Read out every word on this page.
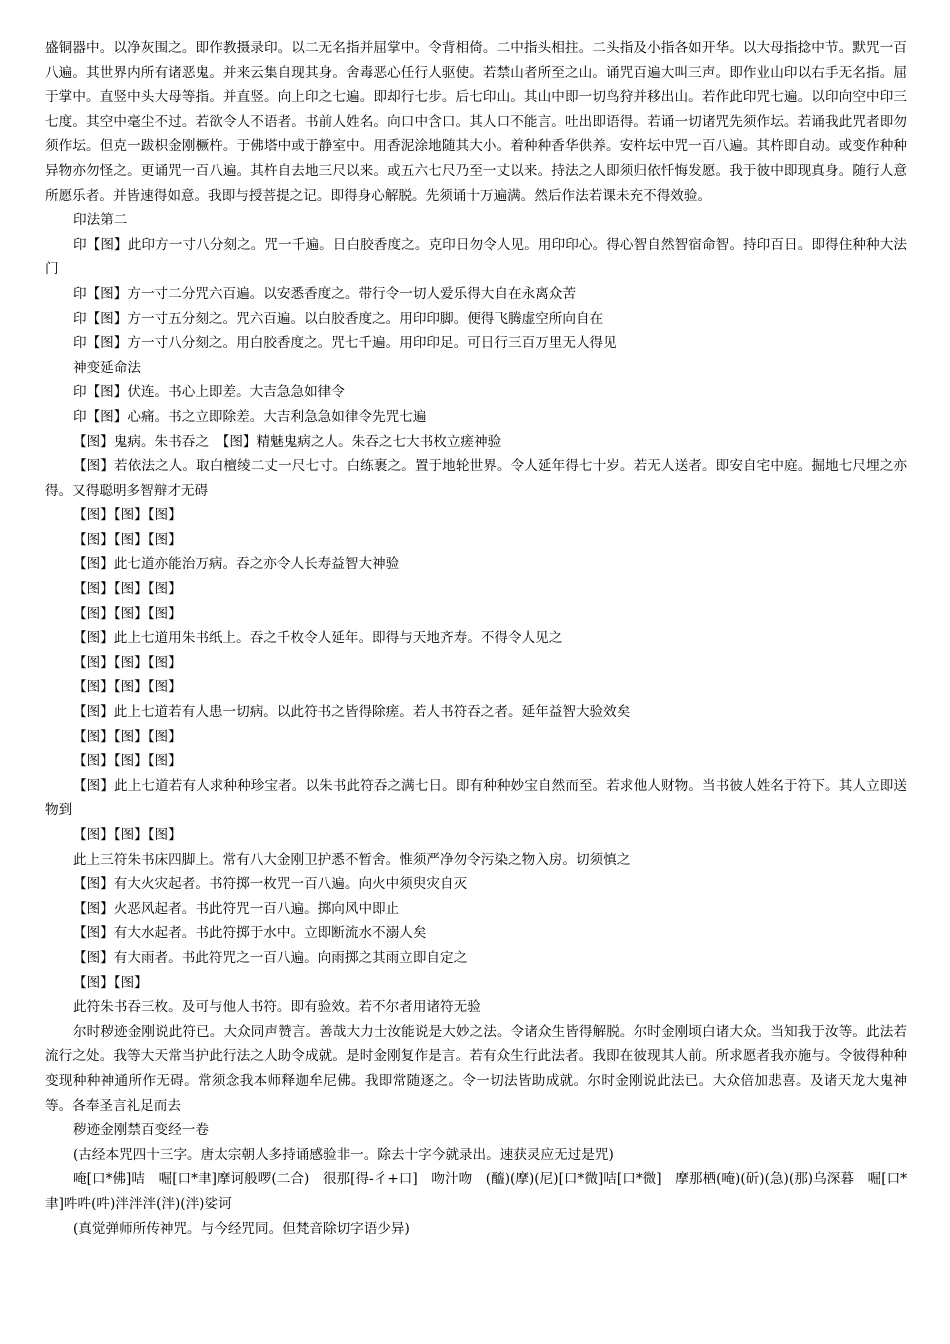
盛铜器中。以净灰围之。即作教摄录印。以二无名指并屈掌中。令背相倚。二中指头相拄。二头指及小指各如开华。以大母指捻中节。默咒一百八遍。其世界内所有诸恶鬼。并来云集自现其身。舍毒恶心任行人驱使。若禁山者所至之山。诵咒百遍大叫三声。即作业山印以右手无名指。屈于掌中。直竖中头大母等指。并直竖。向上印之七遍。即却行七步。后七印山。其山中即一切鸟狩并移出山。若作此印咒七遍。以印向空中印三七度。其空中毫尘不过。若欲令人不语者。书前人姓名。向口中含口。其人口不能言。吐出即语得。若诵一切诸咒先须作坛。若诵我此咒者即勿须作坛。但克一跋枳金刚橛杵。于佛塔中或于静室中。用香泥涂地随其大小。着种种香华供养。安杵坛中咒一百八遍。其杵即自动。或变作种种异物亦勿怪之。更诵咒一百八遍。其杵自去地三尺以来。或五六七尺乃至一丈以来。持法之人即须归依忏悔发愿。我于彼中即现真身。随行人意所愿乐者。并皆速得如意。我即与授菩提之记。即得身心解脱。先须诵十万遍满。然后作法若课未充不得效验。

印法第二

印【图】此印方一寸八分刻之。咒一千遍。日白胶香度之。克印日勿令人见。用印印心。得心智自然智宿命智。持印百日。即得住种种大法门

印【图】方一寸二分咒六百遍。以安悉香度之。带行令一切人爱乐得大自在永离众苦

印【图】方一寸五分刻之。咒六百遍。以白胶香度之。用印印脚。便得飞腾虚空所向自在

印【图】方一寸八分刻之。用白胶香度之。咒七千遍。用印印足。可日行三百万里无人得见

神变延命法

印【图】伏连。书心上即差。大吉急急如律令

印【图】心痛。书之立即除差。大吉利急急如律令先咒七遍

【图】鬼病。朱书吞之　【图】精魅鬼病之人。朱吞之七大书枚立瘥神验

【图】若依法之人。取白檀绫二丈一尺七寸。白练裹之。置于地轮世界。令人延年得七十岁。若无人送者。即安自宅中庭。掘地七尺埋之亦得。又得聪明多智辩才无碍

【图】【图】【图】

【图】【图】【图】

【图】此七道亦能治万病。吞之亦令人长寿益智大神验

【图】【图】【图】

【图】【图】【图】

【图】此上七道用朱书纸上。吞之千枚令人延年。即得与天地齐寿。不得令人见之

【图】【图】【图】

【图】【图】【图】

【图】此上七道若有人患一切病。以此符书之皆得除瘥。若人书符吞之者。延年益智大验效矣

【图】【图】【图】

【图】【图】【图】

【图】此上七道若有人求种种珍宝者。以朱书此符吞之满七日。即有种种妙宝自然而至。若求他人财物。当书彼人姓名于符下。其人立即送物到

【图】【图】【图】

此上三符朱书床四脚上。常有八大金刚卫护悉不暂舍。惟须严净勿令污染之物入房。切须慎之

【图】有大火灾起者。书符掷一枚咒一百八遍。向火中须臾灾自灭

【图】火恶风起者。书此符咒一百八遍。掷向风中即止

【图】有大水起者。书此符掷于水中。立即断流水不溺人矣

【图】有大雨者。书此符咒之一百八遍。向雨掷之其雨立即自定之

【图】【图】

此符朱书吞三枚。及可与他人书符。即有验效。若不尔者用诸符无验

尔时秽迹金刚说此符已。大众同声赞言。善哉大力士汝能说是大妙之法。令诸众生皆得解脱。尔时金刚顷白诸大众。当知我于汝等。此法若流行之处。我等大天常当护此行法之人助令成就。是时金刚复作是言。若有众生行此法者。我即在彼现其人前。所求愿者我亦施与。令彼得种种变现种种神通所作无碍。常须念我本师释迦牟尼佛。我即常随逐之。令一切法皆助成就。尔时金刚说此法已。大众倍加悲喜。及诸天龙大鬼神等。各奉圣言礼足而去

秽迹金刚禁百变经一卷

(古经本咒四十三字。唐太宗朝人多持诵感验非一。除去十字今就录出。速获灵应无过是咒)

唵[口*佛]咭　啒[口*聿]摩诃般啰(二合)　很那[得-彳+口]　吻汁吻　(醯)(摩)(尼)[口*微]咭[口*微]　摩那栖(唵)(斫)(急)(那)乌深暮　啒[口*聿]吽吽(吽)泮泮泮(泮)(泮)娑诃

(真觉弹师所传神咒。与今经咒同。但梵音除切字语少异)
